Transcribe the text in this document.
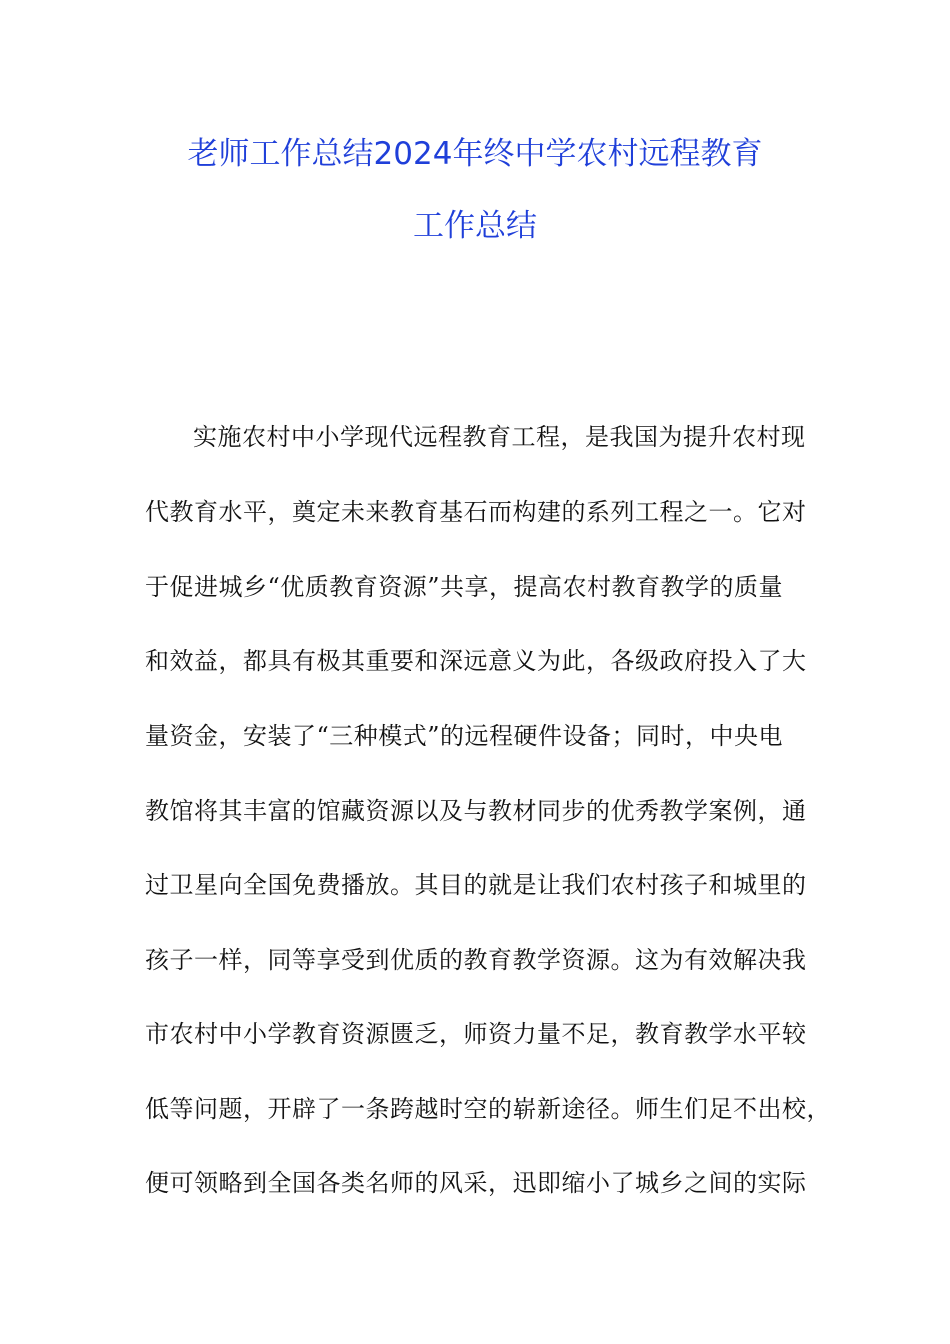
老师工作总结2024年终中学农村远程教育
工作总结
实施农村中小学现代远程教育工程，是我国为提升农村现
代教育水平，奠定未来教育基石而构建的系列工程之一。它对
于促进城乡“优质教育资源”共享，提高农村教育教学的质量
和效益，都具有极其重要和深远意义为此，各级政府投入了大
量资金，安装了“三种模式”的远程硬件设备；同时，中央电
教馆将其丰富的馆藏资源以及与教材同步的优秀教学案例，通
过卫星向全国免费播放。其目的就是让我们农村孩子和城里的
孩子一样，同等享受到优质的教育教学资源。这为有效解决我
市农村中小学教育资源匮乏，师资力量不足，教育教学水平较
低等问题，开辟了一条跨越时空的崭新途径。师生们足不出校，
便可领略到全国各类名师的风采，迅即缩小了城乡之间的实际
